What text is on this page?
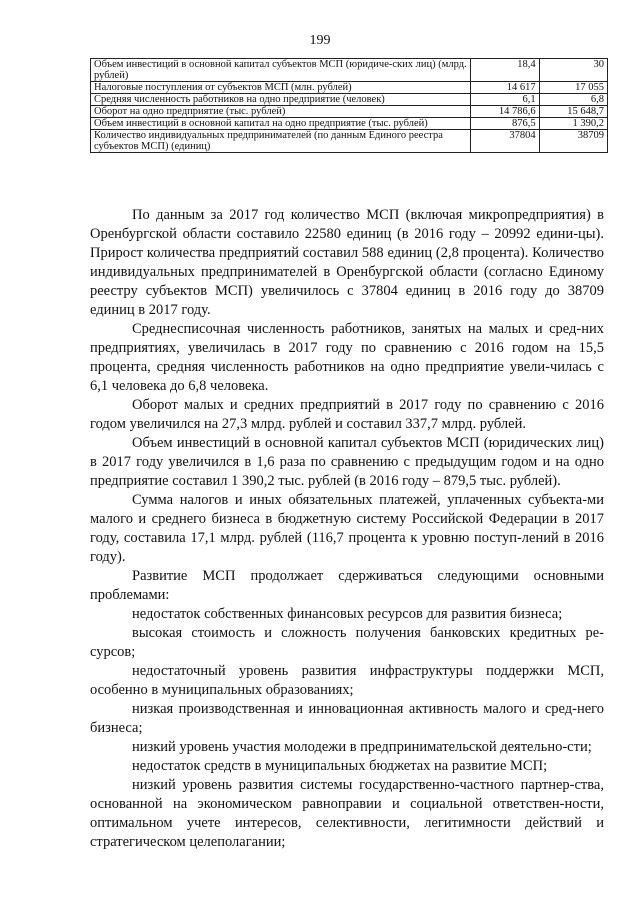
199
Объем инвестиций в основной капитал субъектов МСП (юридиче-ских лиц) (млрд. рублей)	18,4	30
Налоговые поступления от субъектов МСП (млн. рублей)	14 617	17 055
Средняя численность работников на одно предприятие (человек)	6,1	6,8
Оборот на одно предприятие (тыс. рублей)	14 786,6	15 648,7
Объем инвестиций в основной капитал на одно предприятие (тыс. рублей)	876,5	1 390,2
Количество индивидуальных предпринимателей (по данным Единого реестра субъектов МСП) (единиц)	37804	38709

По данным за 2017 год количество МСП (включая микропредприятия) в Оренбургской области составило 22580 единиц (в 2016 году – 20992 едини-цы). Прирост количества предприятий составил 588 единиц (2,8 процента). Количество индивидуальных предпринимателей в Оренбургской области (согласно Единому реестру субъектов МСП) увеличилось с 37804 единиц в 2016 году до 38709 единиц в 2017 году.

Среднесписочная численность работников, занятых на малых и сред-них предприятиях, увеличилась в 2017 году по сравнению с 2016 годом на 15,5 процента, средняя численность работников на одно предприятие увели-чилась с 6,1 человека до 6,8 человека.

Оборот малых и средних предприятий в 2017 году по сравнению с 2016 годом увеличился на 27,3 млрд. рублей и составил 337,7 млрд. рублей.

Объем инвестиций в основной капитал субъектов МСП (юридических лиц) в 2017 году увеличился в 1,6 раза по сравнению с предыдущим годом и на одно предприятие составил 1 390,2 тыс. рублей (в 2016 году – 879,5 тыс. рублей).

Сумма налогов и иных обязательных платежей, уплаченных субъекта-ми малого и среднего бизнеса в бюджетную систему Российской Федерации в 2017 году, составила 17,1 млрд. рублей (116,7 процента к уровню поступ-лений в 2016 году).

Развитие МСП продолжает сдерживаться следующими основными проблемами:

недостаток собственных финансовых ресурсов для развития бизнеса;

высокая стоимость и сложность получения банковских кредитных ре-сурсов;

недостаточный уровень развития инфраструктуры поддержки МСП, особенно в муниципальных образованиях;

низкая производственная и инновационная активность малого и сред-него бизнеса;

низкий уровень участия молодежи в предпринимательской деятельно-сти;

недостаток средств в муниципальных бюджетах на развитие МСП;

низкий уровень развития системы государственно-частного партнер-ства, основанной на экономическом равноправии и социальной ответствен-ности, оптимальном учете интересов, селективности, легитимности действий и стратегическом целеполагании;
